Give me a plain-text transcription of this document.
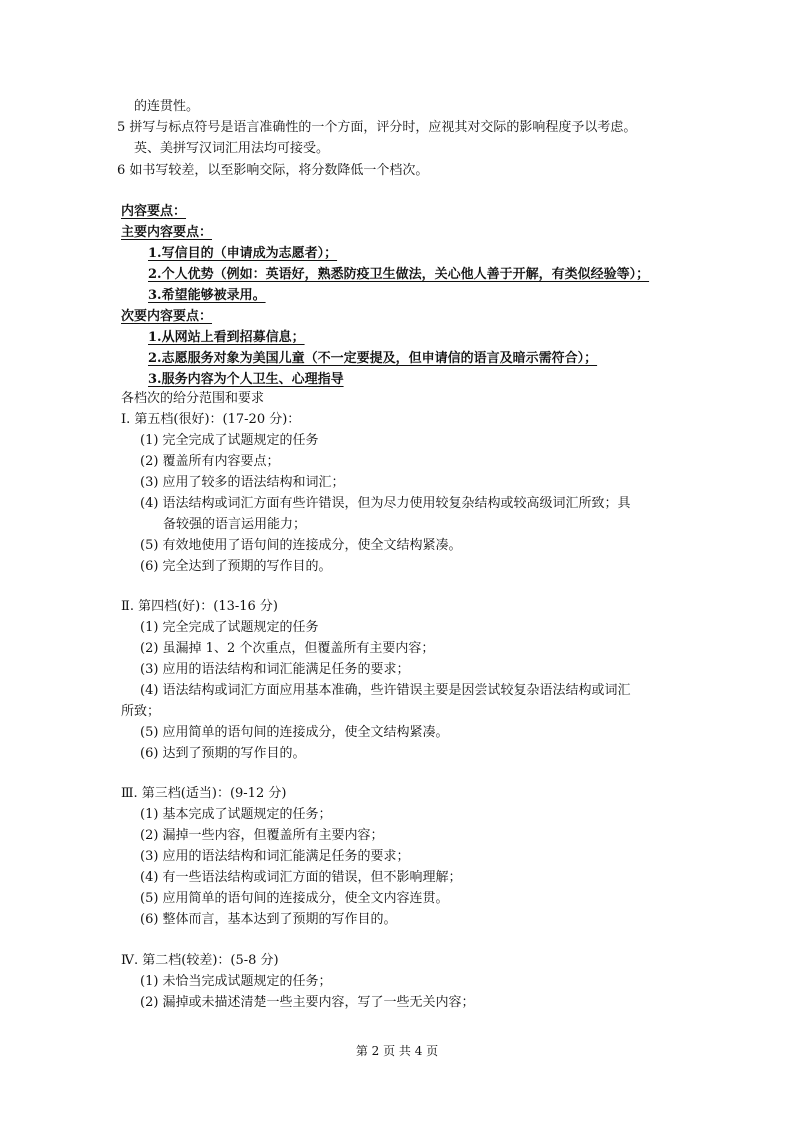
的连贯性。
5 拼写与标点符号是语言准确性的一个方面，评分时，应视其对交际的影响程度予以考虑。
英、美拼写汉词汇用法均可接受。
6 如书写较差，以至影响交际，将分数降低一个档次。
内容要点：
主要内容要点：
1.写信目的（申请成为志愿者）；
2.个人优势（例如：英语好，熟悉防疫卫生做法，关心他人善于开解，有类似经验等）；
3.希望能够被录用。
次要内容要点：
1.从网站上看到招募信息；
2.志愿服务对象为美国儿童（不一定要提及，但申请信的语言及暗示需符合）；
3.服务内容为个人卫生、心理指导
各档次的给分范围和要求
Ⅰ. 第五档(很好)：(17-20 分)：
(1) 完全完成了试题规定的任务
(2) 覆盖所有内容要点；
(3) 应用了较多的语法结构和词汇；
(4) 语法结构或词汇方面有些许错误，但为尽力使用较复杂结构或较高级词汇所致；具
备较强的语言运用能力；
(5) 有效地使用了语句间的连接成分，使全文结构紧凑。
(6) 完全达到了预期的写作目的。
Ⅱ. 第四档(好)：(13-16 分)
(1) 完全完成了试题规定的任务
(2) 虽漏掉 1、2 个次重点，但覆盖所有主要内容；
(3) 应用的语法结构和词汇能满足任务的要求；
(4) 语法结构或词汇方面应用基本准确，些许错误主要是因尝试较复杂语法结构或词汇
所致；
(5) 应用简单的语句间的连接成分，使全文结构紧凑。
(6) 达到了预期的写作目的。
Ⅲ. 第三档(适当)：(9-12 分)
(1) 基本完成了试题规定的任务；
(2) 漏掉一些内容，但覆盖所有主要内容；
(3) 应用的语法结构和词汇能满足任务的要求；
(4) 有一些语法结构或词汇方面的错误，但不影响理解；
(5) 应用简单的语句间的连接成分，使全文内容连贯。
(6) 整体而言，基本达到了预期的写作目的。
Ⅳ. 第二档(较差)：(5-8 分)
(1) 未恰当完成试题规定的任务；
(2) 漏掉或未描述清楚一些主要内容，写了一些无关内容；
第 2 页 共 4 页
